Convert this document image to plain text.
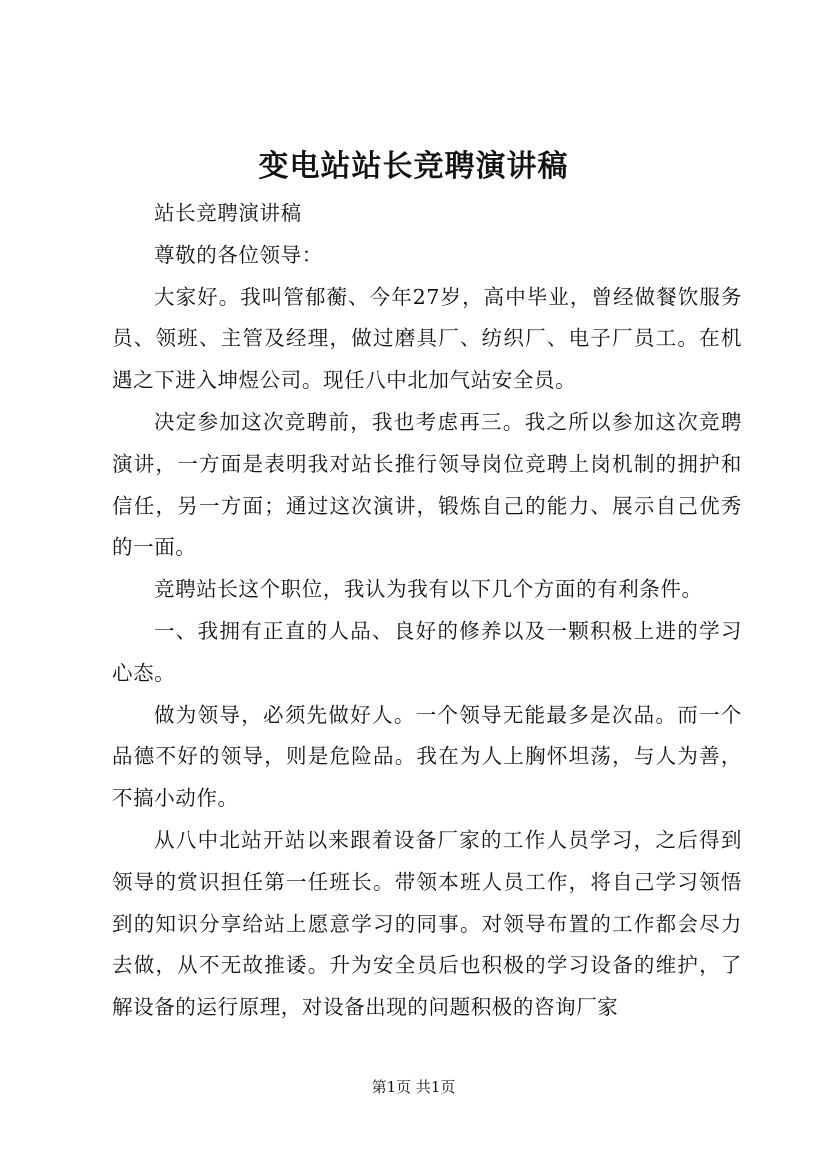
变电站站长竞聘演讲稿

站长竞聘演讲稿

尊敬的各位领导：

大家好。我叫管郁蘅、今年27岁，高中毕业，曾经做餐饮服务员、领班、主管及经理，做过磨具厂、纺织厂、电子厂员工。在机遇之下进入坤煜公司。现任八中北加气站安全员。

决定参加这次竞聘前，我也考虑再三。我之所以参加这次竞聘演讲，一方面是表明我对站长推行领导岗位竞聘上岗机制的拥护和信任，另一方面；通过这次演讲，锻炼自己的能力、展示自己优秀的一面。

竞聘站长这个职位，我认为我有以下几个方面的有利条件。

一、我拥有正直的人品、良好的修养以及一颗积极上进的学习心态。

做为领导，必须先做好人。一个领导无能最多是次品。而一个品德不好的领导，则是危险品。我在为人上胸怀坦荡，与人为善，不搞小动作。

从八中北站开站以来跟着设备厂家的工作人员学习，之后得到领导的赏识担任第一任班长。带领本班人员工作，将自己学习领悟到的知识分享给站上愿意学习的同事。对领导布置的工作都会尽力去做，从不无故推诿。升为安全员后也积极的学习设备的维护，了解设备的运行原理，对设备出现的问题积极的咨询厂家

第1页 共1页
